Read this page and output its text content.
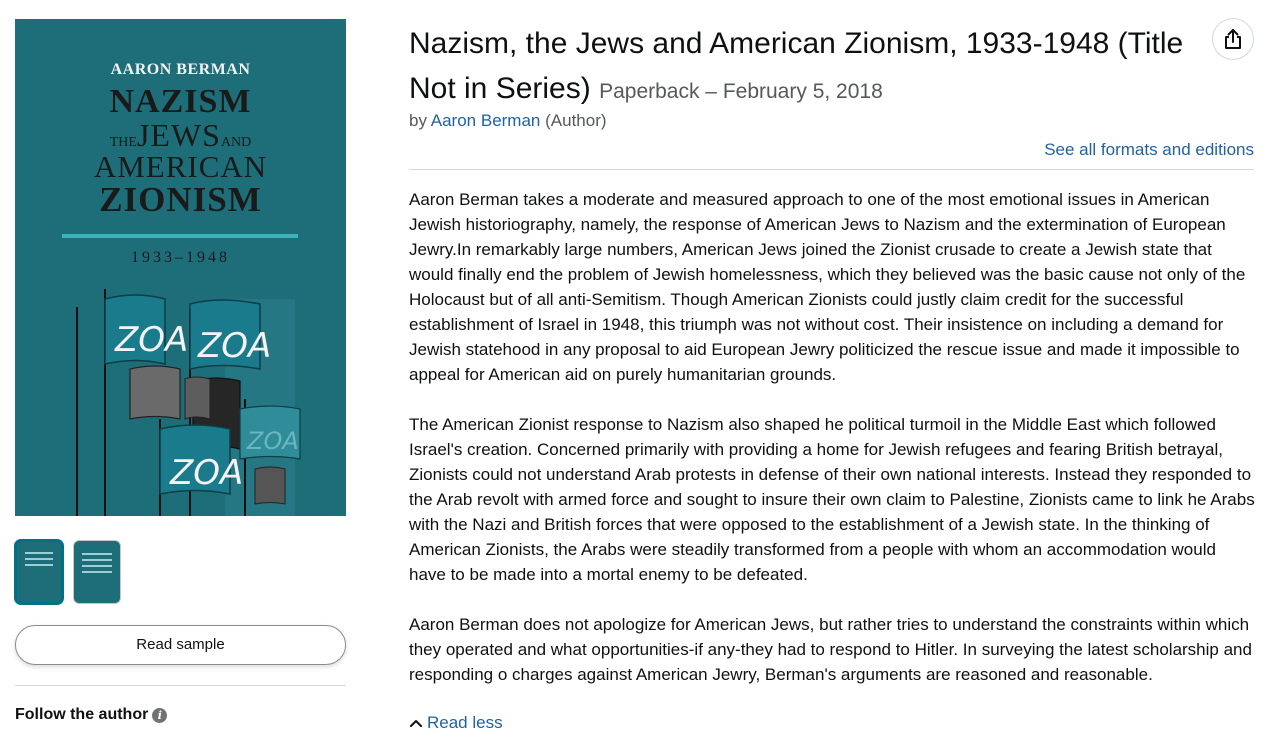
AARON BERMAN
NAZISM
THEJEWSAND
AMERICAN
ZIONISM
1933–1948
ZOA ZOA
ZOA
ZOA
Read sample
Follow the author i
Nazism, the Jews and American Zionism, 1933-1948 (Title Not in Series) Paperback – February 5, 2018
by Aaron Berman (Author)
See all formats and editions

Aaron Berman takes a moderate and measured approach to one of the most emotional issues in American Jewish historiography, namely, the response of American Jews to Nazism and the extermination of European Jewry.In remarkably large numbers, American Jews joined the Zionist crusade to create a Jewish state that would finally end the problem of Jewish homelessness, which they believed was the basic cause not only of the Holocaust but of all anti-Semitism. Though American Zionists could justly claim credit for the successful establishment of Israel in 1948, this triumph was not without cost. Their insistence on including a demand for Jewish statehood in any proposal to aid European Jewry politicized the rescue issue and made it impossible to appeal for American aid on purely humanitarian grounds.

The American Zionist response to Nazism also shaped he political turmoil in the Middle East which followed Israel's creation. Concerned primarily with providing a home for Jewish refugees and fearing British betrayal, Zionists could not understand Arab protests in defense of their own national interests. Instead they responded to the Arab revolt with armed force and sought to insure their own claim to Palestine, Zionists came to link he Arabs with the Nazi and British forces that were opposed to the establishment of a Jewish state. In the thinking of American Zionists, the Arabs were steadily transformed from a people with whom an accommodation would have to be made into a mortal enemy to be defeated.

Aaron Berman does not apologize for American Jews, but rather tries to understand the constraints within which they operated and what opportunities-if any-they had to respond to Hitler. In surveying the latest scholarship and responding o charges against American Jewry, Berman's arguments are reasoned and reasonable.

Read less
